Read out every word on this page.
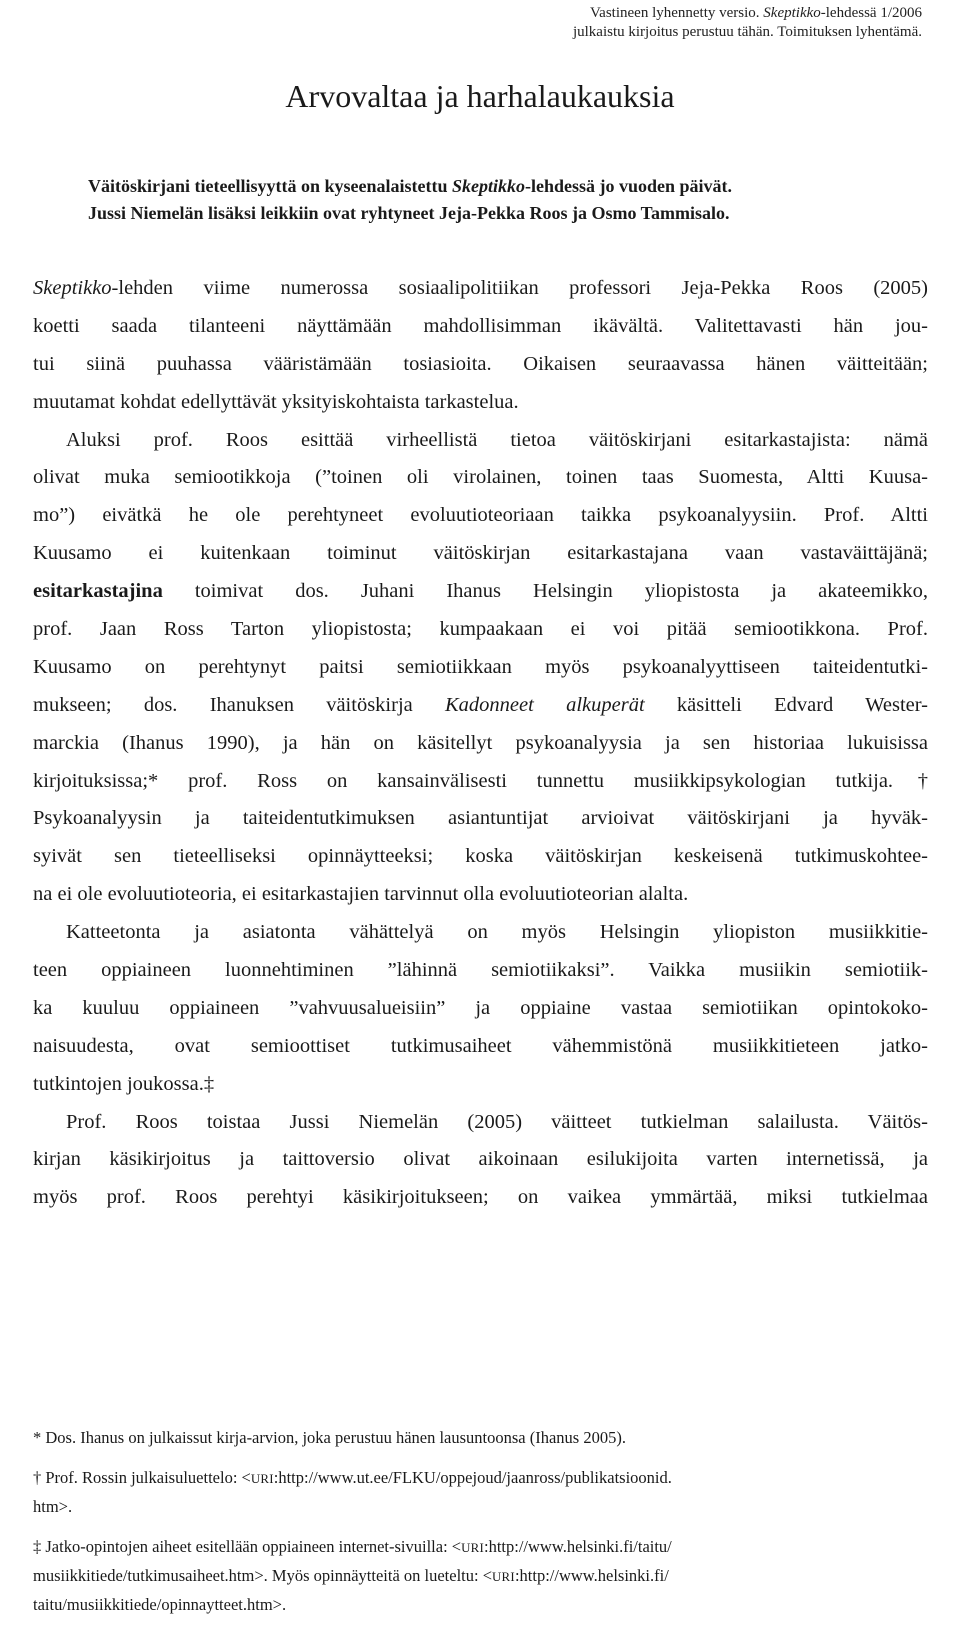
Vastineen lyhennetty versio. Skeptikko-lehdessä 1/2006
julkaistu kirjoitus perustuu tähän. Toimituksen lyhentämä.
Arvovaltaa ja harhalaukauksia
Väitöskirjani tieteellisyyttä on kyseenalaistettu Skeptikko-lehdessä jo vuoden päivät.
Jussi Niemelän lisäksi leikkiin ovat ryhtyneet Jeja-Pekka Roos ja Osmo Tammisalo.
Skeptikko-lehden viime numerossa sosiaalipolitiikan professori Jeja-Pekka Roos (2005)
koetti saada tilanteeni näyttämään mahdollisimman ikävältä. Valitettavasti hän jou-
tui siinä puuhassa vääristämään tosiasioita. Oikaisen seuraavassa hänen väitteitään;
muutamat kohdat edellyttävät yksityiskohtaista tarkastelua.
Aluksi prof. Roos esittää virheellistä tietoa väitöskirjani esitarkastajista: nämä
olivat muka semiootikkoja (”toinen oli virolainen, toinen taas Suomesta, Altti Kuusa-
mo”) eivätkä he ole perehtyneet evoluutioteoriaan taikka psykoanalyysiin. Prof. Altti
Kuusamo ei kuitenkaan toiminut väitöskirjan esitarkastajana vaan vastaväittäjänä;
esitarkastajina toimivat dos. Juhani Ihanus Helsingin yliopistosta ja akateemikko,
prof. Jaan Ross Tarton yliopistosta; kumpaakaan ei voi pitää semiootikkona. Prof.
Kuusamo on perehtynyt paitsi semiotiikkaan myös psykoanalyyttiseen taiteidentutki-
mukseen; dos. Ihanuksen väitöskirja Kadonneet alkuperät käsitteli Edvard Wester-
marckia (Ihanus 1990), ja hän on käsitellyt psykoanalyysia ja sen historiaa lukuisissa
kirjoituksissa;* prof. Ross on kansainvälisesti tunnettu musiikkipsykologian tutkija.†
Psykoanalyysin ja taiteidentutkimuksen asiantuntijat arvioivat väitöskirjani ja hyväk-
syivät sen tieteelliseksi opinnäytteeksi; koska väitöskirjan keskeisenä tutkimuskohtee-
na ei ole evoluutioteoria, ei esitarkastajien tarvinnut olla evoluutioteorian alalta.
Katteetonta ja asiatonta vähättelyä on myös Helsingin yliopiston musiikkitie-
teen oppiaineen luonnehtiminen ”lähinnä semiotiikaksi”. Vaikka musiikin semiotiik-
ka kuuluu oppiaineen ”vahvuusalueisiin” ja oppiaine vastaa semiotiikan opintokoko-
naisuudesta, ovat semioottiset tutkimusaiheet vähemmistönä musiikkitieteen jatko-
tutkintojen joukossa.‡
Prof. Roos toistaa Jussi Niemelän (2005) väitteet tutkielman salailusta. Väitös-
kirjan käsikirjoitus ja taittoversio olivat aikoinaan esilukijoita varten internetissä, ja
myös prof. Roos perehtyi käsikirjoitukseen; on vaikea ymmärtää, miksi tutkielmaa
* Dos. Ihanus on julkaissut kirja-arvion, joka perustuu hänen lausuntoonsa (Ihanus 2005).
† Prof. Rossin julkaisuluettelo: <URI:http://www.ut.ee/FLKU/oppejoud/jaanross/publikatsioonid.
htm>.
‡ Jatko-opintojen aiheet esitellään oppiaineen internet-sivuilla: <URI:http://www.helsinki.fi/taitu/
musiikkitiede/tutkimusaiheet.htm>. Myös opinnäytteitä on lueteltu: <URI:http://www.helsinki.fi/
taitu/musiikkitiede/opinnaytteet.htm>.
